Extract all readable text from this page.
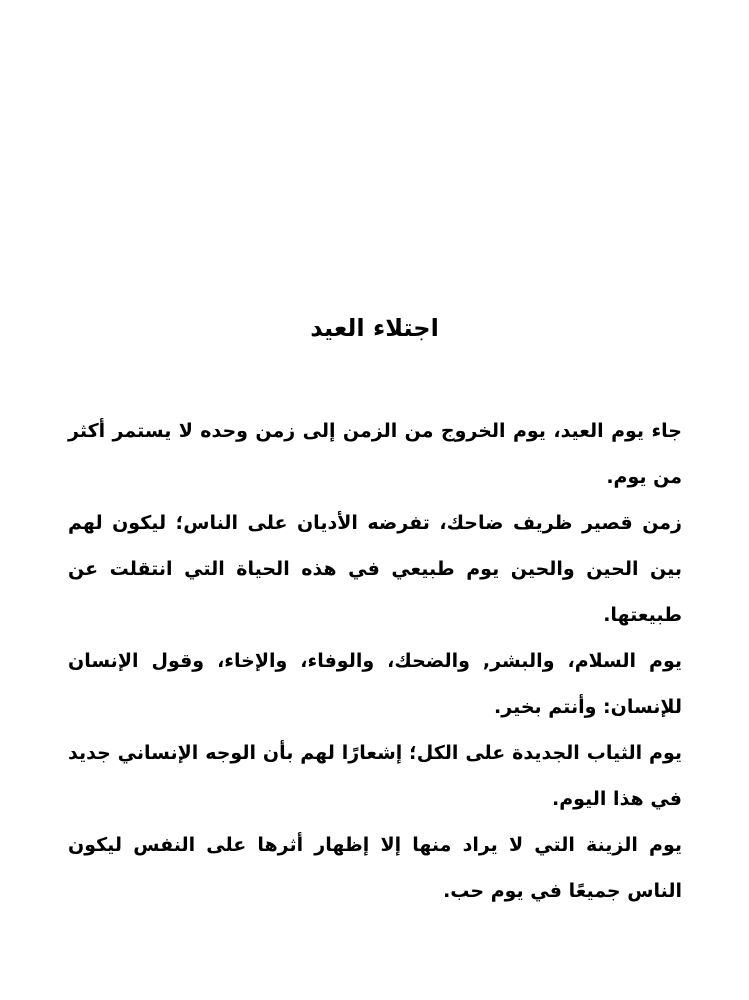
اجتلاء العيد

جاء يوم العيد، يوم الخروج من الزمن إلى زمن وحده لا يستمر أكثر من يوم.

زمن قصير ظريف ضاحك، تفرضه الأديان على الناس؛ ليكون لهم بين الحين والحين يوم طبيعي في هذه الحياة التي انتقلت عن طبيعتها.

يوم السلام، والبشر, والضحك، والوفاء، والإخاء، وقول الإنسان للإنسان: وأنتم بخير.

يوم الثياب الجديدة على الكل؛ إشعارًا لهم بأن الوجه الإنساني جديد في هذا اليوم.

يوم الزينة التي لا يراد منها إلا إظهار أثرها على النفس ليكون الناس جميعًا في يوم حب.
